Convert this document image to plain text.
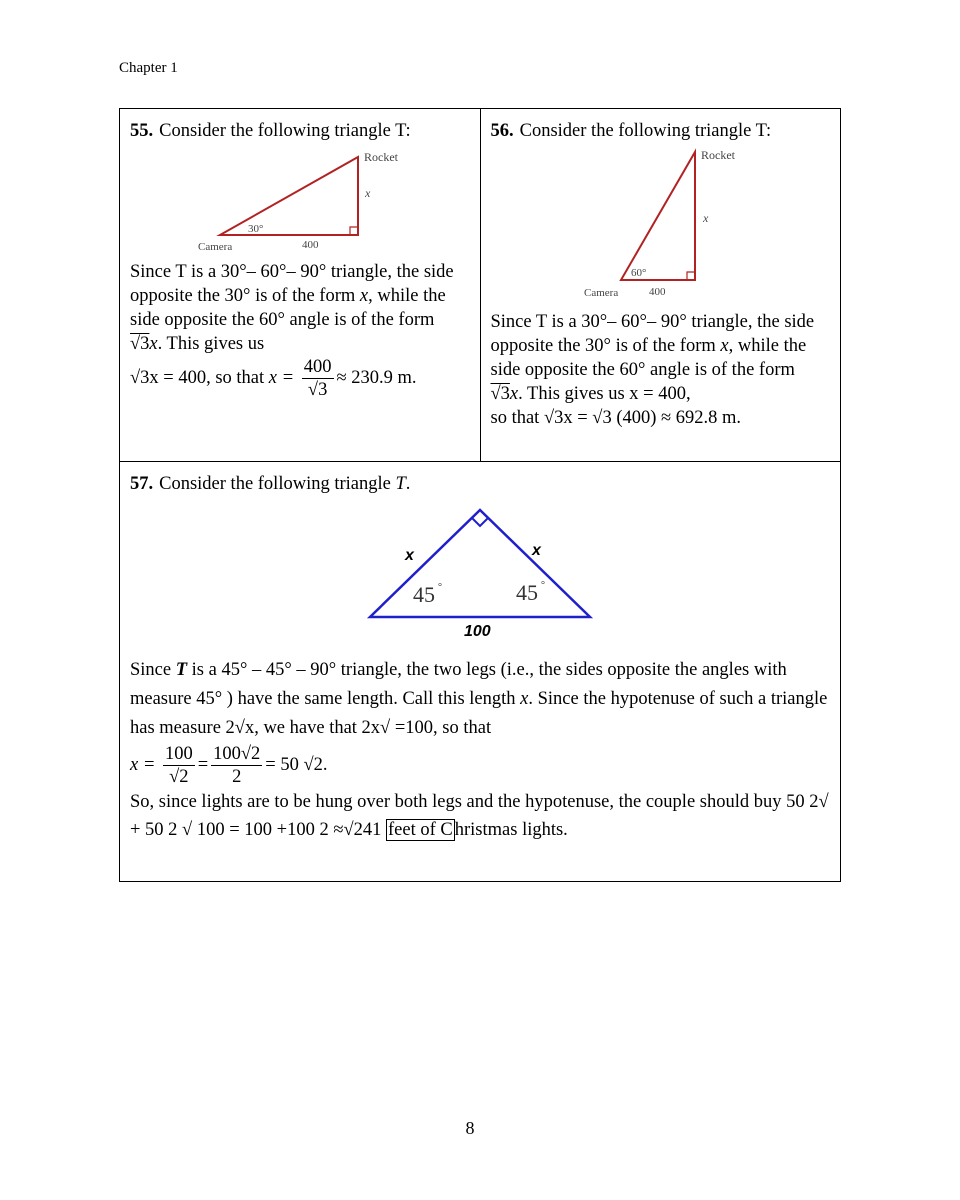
Chapter 1

55. Consider the following triangle T:

Rocket
x
30°
Camera	400

Since T is a 30°– 60°– 90° triangle, the side opposite the 30° is of the form x, while the side opposite the 60° angle is of the form √3x. This gives us

√3x = 400, so that $x = \frac{400}{√3} \approx 230.9$ m.

56. Consider the following triangle T:

Rocket
x
60°
Camera	400

Since T is a 30°– 60°– 90° triangle, the side opposite the 30° is of the form x, while the side opposite the 60° angle is of the form √3x. This gives us x = 400,

so that √3x = √3 (400) ≈ 692.8 m.

57. Consider the following triangle T.

x	x
45 °	45 °
100

Since T is a 45° – 45° – 90° triangle, the two legs (i.e., the sides opposite the angles with measure 45° ) have the same length. Call this length x. Since the hypotenuse of such a triangle has measure 2√x, we have that 2x√ =100, so that

$x = \frac{100}{√2} = \frac{100√2}{2} = 50$ √2.

So, since lights are to be hung over both legs and the hypotenuse, the couple should buy 50 2√ + 50 2 √ 100 = 100 +100 2 ≈√241 feet of C hristmas lights.

8
